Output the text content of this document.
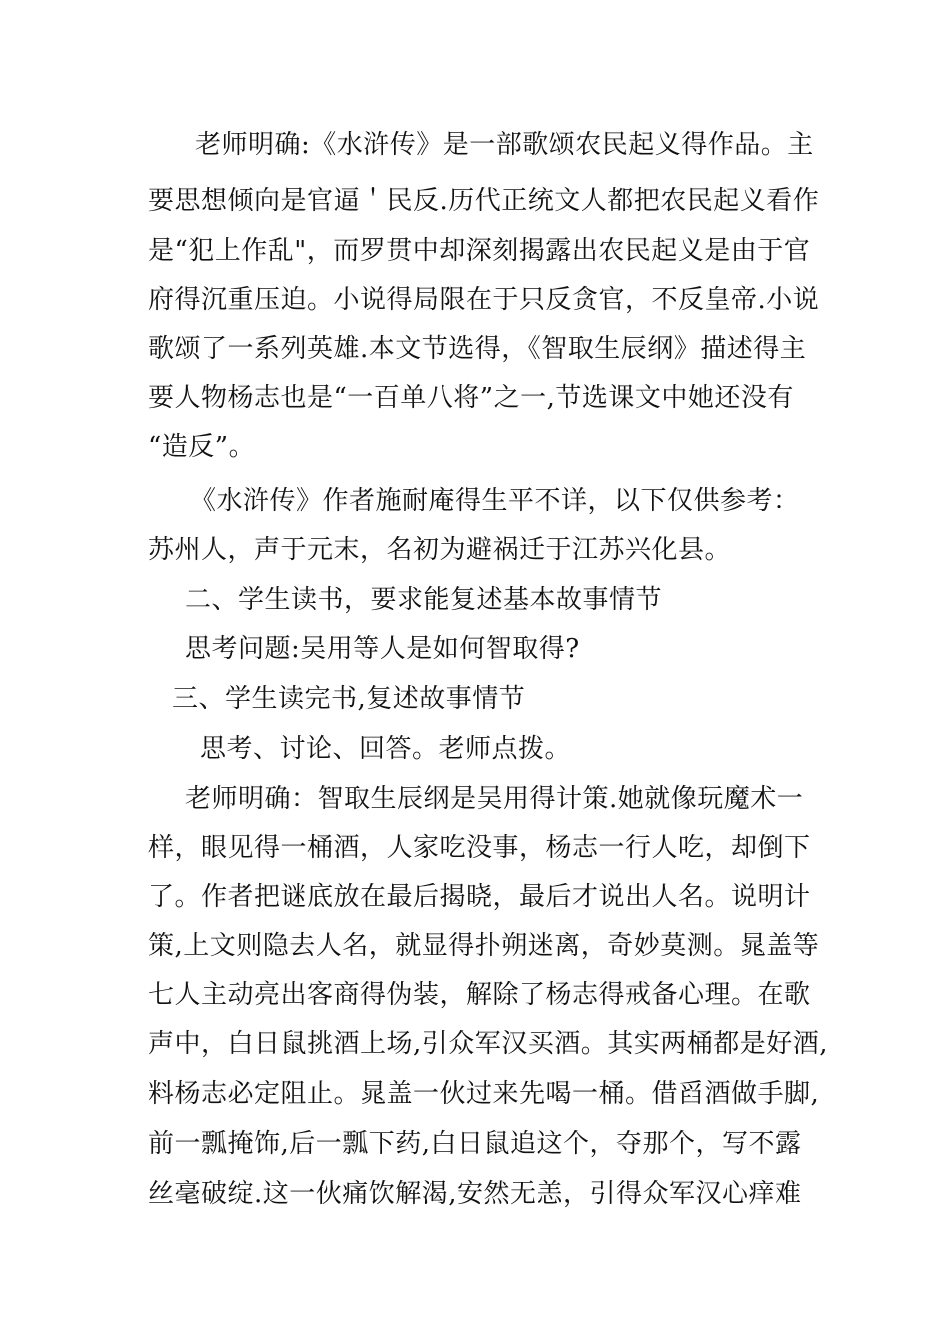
老师明确:《水浒传》是一部歌颂农民起义得作品。主
要思想倾向是官逼＇民反.历代正统文人都把农民起义看作
是“犯上作乱"，而罗贯中却深刻揭露出农民起义是由于官
府得沉重压迫。小说得局限在于只反贪官，不反皇帝.小说
歌颂了一系列英雄.本文节选得，《智取生辰纲》描述得主
要人物杨志也是“一百单八将”之一,节选课文中她还没有
“造反”。
《水浒传》作者施耐庵得生平不详，以下仅供参考：
苏州人，声于元末，名初为避祸迁于江苏兴化县。
二、学生读书，要求能复述基本故事情节
思考问题:吴用等人是如何智取得?
三、学生读完书,复述故事情节
思考、讨论、回答。老师点拨。
老师明确：智取生辰纲是吴用得计策.她就像玩魔术一
样，眼见得一桶酒，人家吃没事，杨志一行人吃，却倒下
了。作者把谜底放在最后揭晓，最后才说出人名。说明计
策,上文则隐去人名，就显得扑朔迷离，奇妙莫测。晁盖等
七人主动亮出客商得伪装，解除了杨志得戒备心理。在歌
声中，白日鼠挑酒上场,引众军汉买酒。其实两桶都是好酒,
料杨志必定阻止。晁盖一伙过来先喝一桶。借舀酒做手脚,
前一瓢掩饰,后一瓢下药,白日鼠追这个，夺那个，写不露
丝毫破绽.这一伙痛饮解渴,安然无恙，引得众军汉心痒难
